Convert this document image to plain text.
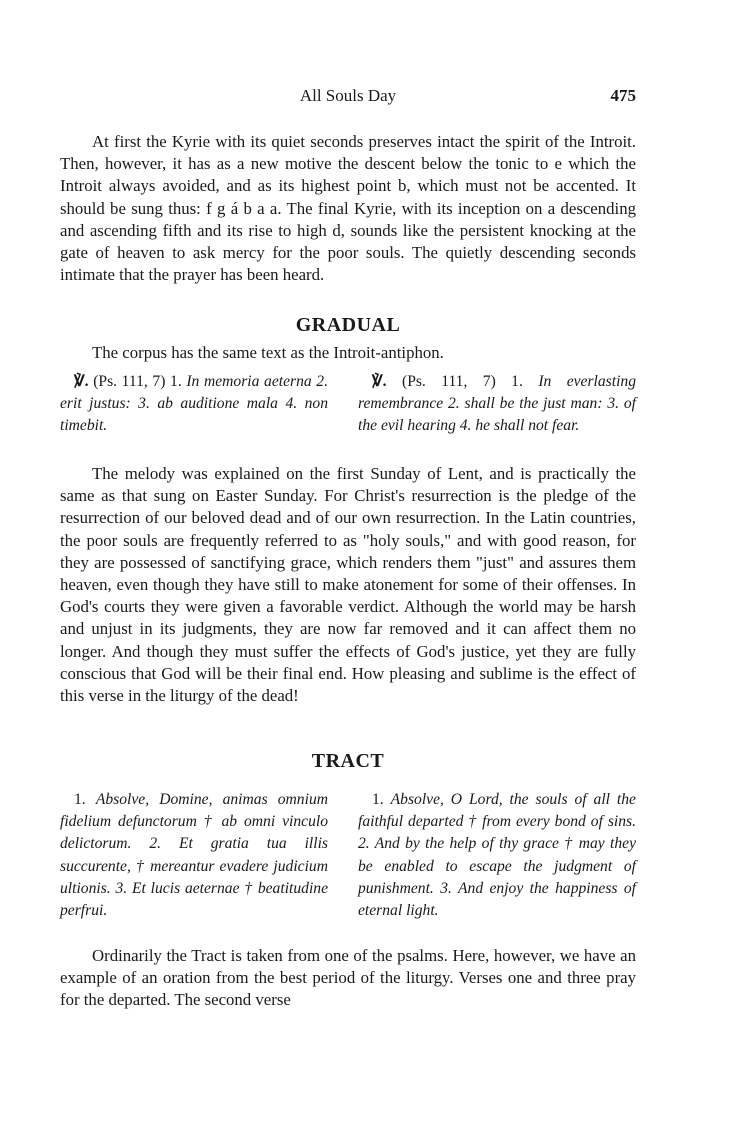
All Souls Day	475

At first the Kyrie with its quiet seconds preserves intact the spirit of the Introit. Then, however, it has as a new motive the descent below the tonic to e which the Introit always avoided, and as its highest point b, which must not be accented. It should be sung thus: f g á b a a. The final Kyrie, with its inception on a descending and ascending fifth and its rise to high d, sounds like the persistent knocking at the gate of heaven to ask mercy for the poor souls. The quietly descending seconds intimate that the prayer has been heard.

GRADUAL

The corpus has the same text as the Introit-antiphon.

℣. (Ps. 111, 7) 1. In memoria aeterna 2. erit justus: 3. ab auditione mala 4. non timebit.

℣. (Ps. 111, 7) 1. In everlasting remembrance 2. shall be the just man: 3. of the evil hearing 4. he shall not fear.

The melody was explained on the first Sunday of Lent, and is practically the same as that sung on Easter Sunday. For Christ's resurrection is the pledge of the resurrection of our beloved dead and of our own resurrection. In the Latin countries, the poor souls are frequently referred to as "holy souls," and with good reason, for they are possessed of sanctifying grace, which renders them "just" and assures them heaven, even though they have still to make atonement for some of their offenses. In God's courts they were given a favorable verdict. Although the world may be harsh and unjust in its judgments, they are now far removed and it can affect them no longer. And though they must suffer the effects of God's justice, yet they are fully conscious that God will be their final end. How pleasing and sublime is the effect of this verse in the liturgy of the dead!

TRACT

1. Absolve, Domine, animas omnium fidelium defunctorum † ab omni vinculo delictorum. 2. Et gratia tua illis succurente, † mereantur evadere judicium ultionis. 3. Et lucis aeternae † beatitudine perfrui.

1. Absolve, O Lord, the souls of all the faithful departed † from every bond of sins. 2. And by the help of thy grace † may they be enabled to escape the judgment of punishment. 3. And enjoy the happiness of eternal light.

Ordinarily the Tract is taken from one of the psalms. Here, however, we have an example of an oration from the best period of the liturgy. Verses one and three pray for the departed. The second verse
